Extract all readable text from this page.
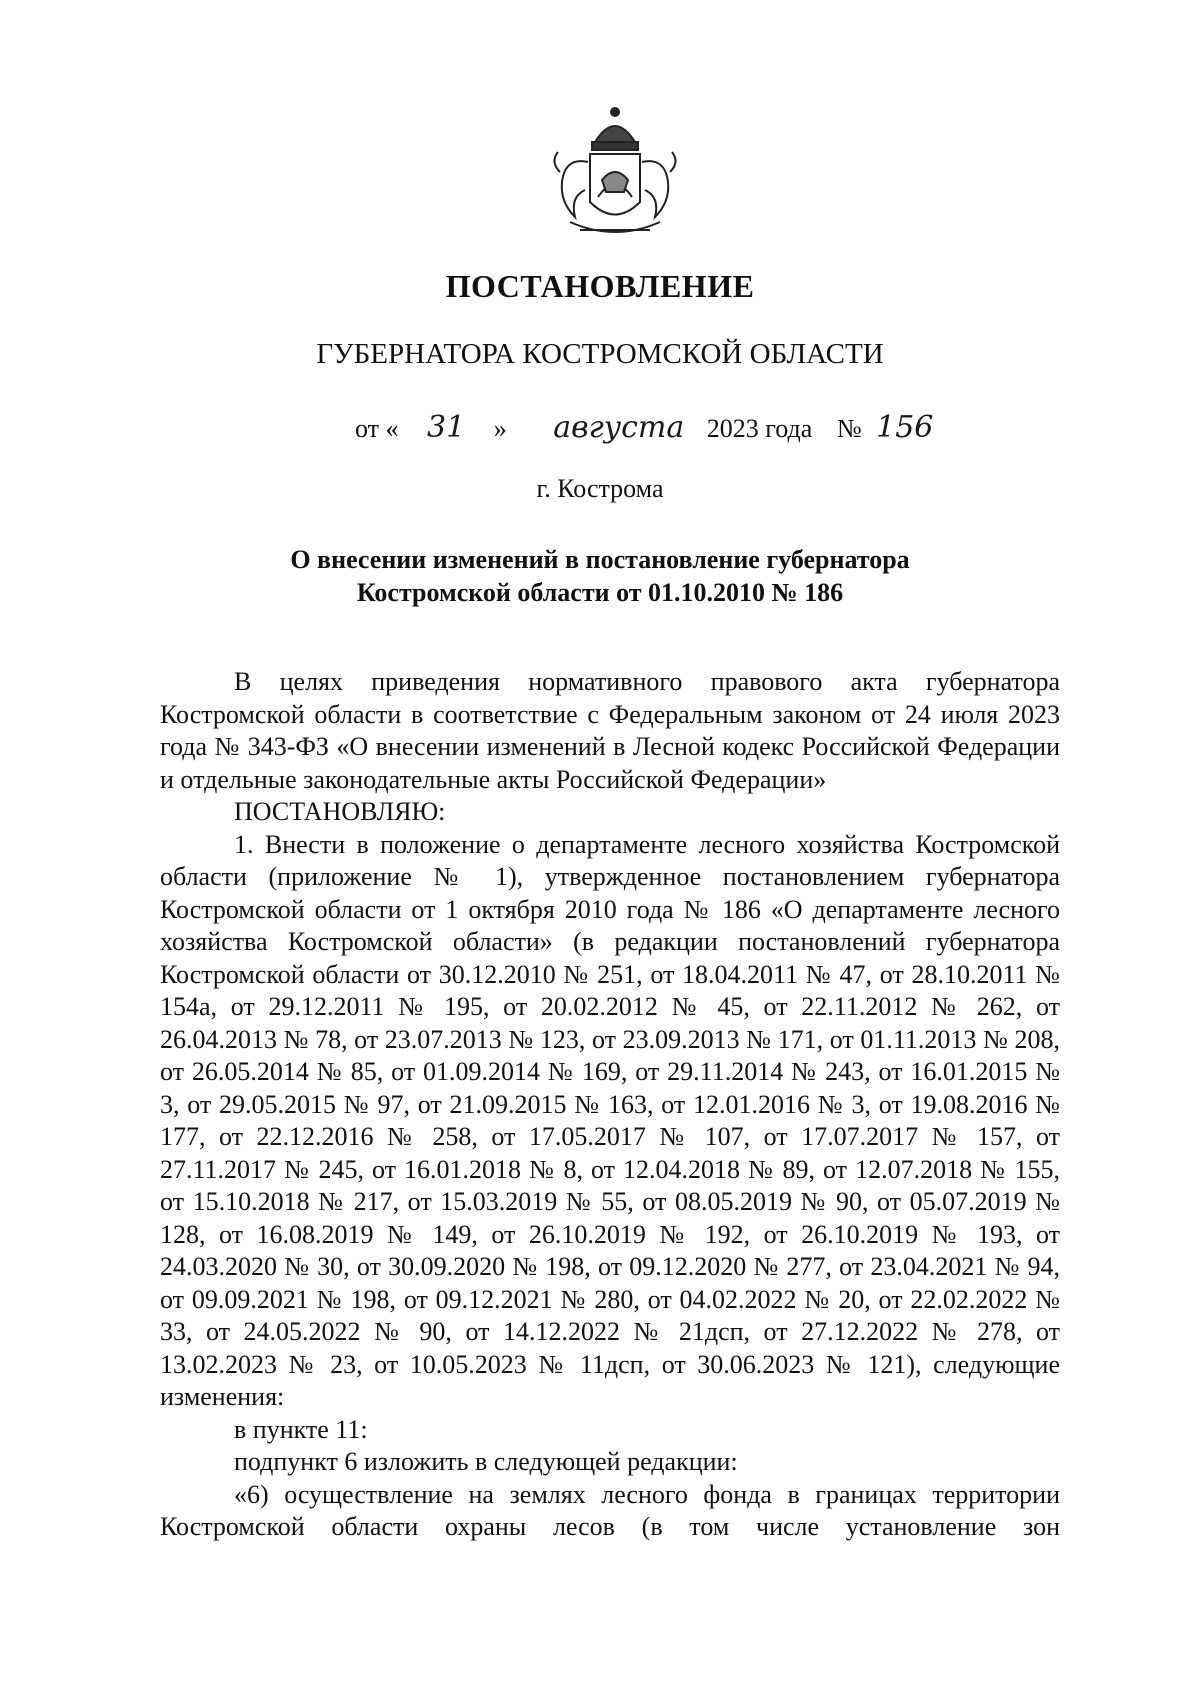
ПОСТАНОВЛЕНИЕ
ГУБЕРНАТОРА КОСТРОМСКОЙ ОБЛАСТИ
от « 31 » августа 2023 года № 156
г. Кострома
О внесении изменений в постановление губернатора
Костромской области от 01.10.2010 № 186

В целях приведения нормативного правового акта губернатора Костромской области в соответствие с Федеральным законом от 24 июля 2023 года № 343-ФЗ «О внесении изменений в Лесной кодекс Российской Федерации и отдельные законодательные акты Российской Федерации»

ПОСТАНОВЛЯЮ:

1. Внести в положение о департаменте лесного хозяйства Костромской области (приложение № 1), утвержденное постановлением губернатора Костромской области от 1 октября 2010 года № 186 «О департаменте лесного хозяйства Костромской области» (в редакции постановлений губернатора Костромской области от 30.12.2010 № 251, от 18.04.2011 № 47, от 28.10.2011 № 154а, от 29.12.2011 № 195, от 20.02.2012 № 45, от 22.11.2012 № 262, от 26.04.2013 № 78, от 23.07.2013 № 123, от 23.09.2013 № 171, от 01.11.2013 № 208, от 26.05.2014 № 85, от 01.09.2014 № 169, от 29.11.2014 № 243, от 16.01.2015 № 3, от 29.05.2015 № 97, от 21.09.2015 № 163, от 12.01.2016 № 3, от 19.08.2016 № 177, от 22.12.2016 № 258, от 17.05.2017 № 107, от 17.07.2017 № 157, от 27.11.2017 № 245, от 16.01.2018 № 8, от 12.04.2018 № 89, от 12.07.2018 № 155, от 15.10.2018 № 217, от 15.03.2019 № 55, от 08.05.2019 № 90, от 05.07.2019 № 128, от 16.08.2019 № 149, от 26.10.2019 № 192, от 26.10.2019 № 193, от 24.03.2020 № 30, от 30.09.2020 № 198, от 09.12.2020 № 277, от 23.04.2021 № 94, от 09.09.2021 № 198, от 09.12.2021 № 280, от 04.02.2022 № 20, от 22.02.2022 № 33, от 24.05.2022 № 90, от 14.12.2022 № 21дсп, от 27.12.2022 № 278, от 13.02.2023 № 23, от 10.05.2023 № 11дсп, от 30.06.2023 № 121), следующие изменения:

в пункте 11:

подпункт 6 изложить в следующей редакции:

«6) осуществление на землях лесного фонда в границах территории Костромской области охраны лесов (в том числе установление зон
